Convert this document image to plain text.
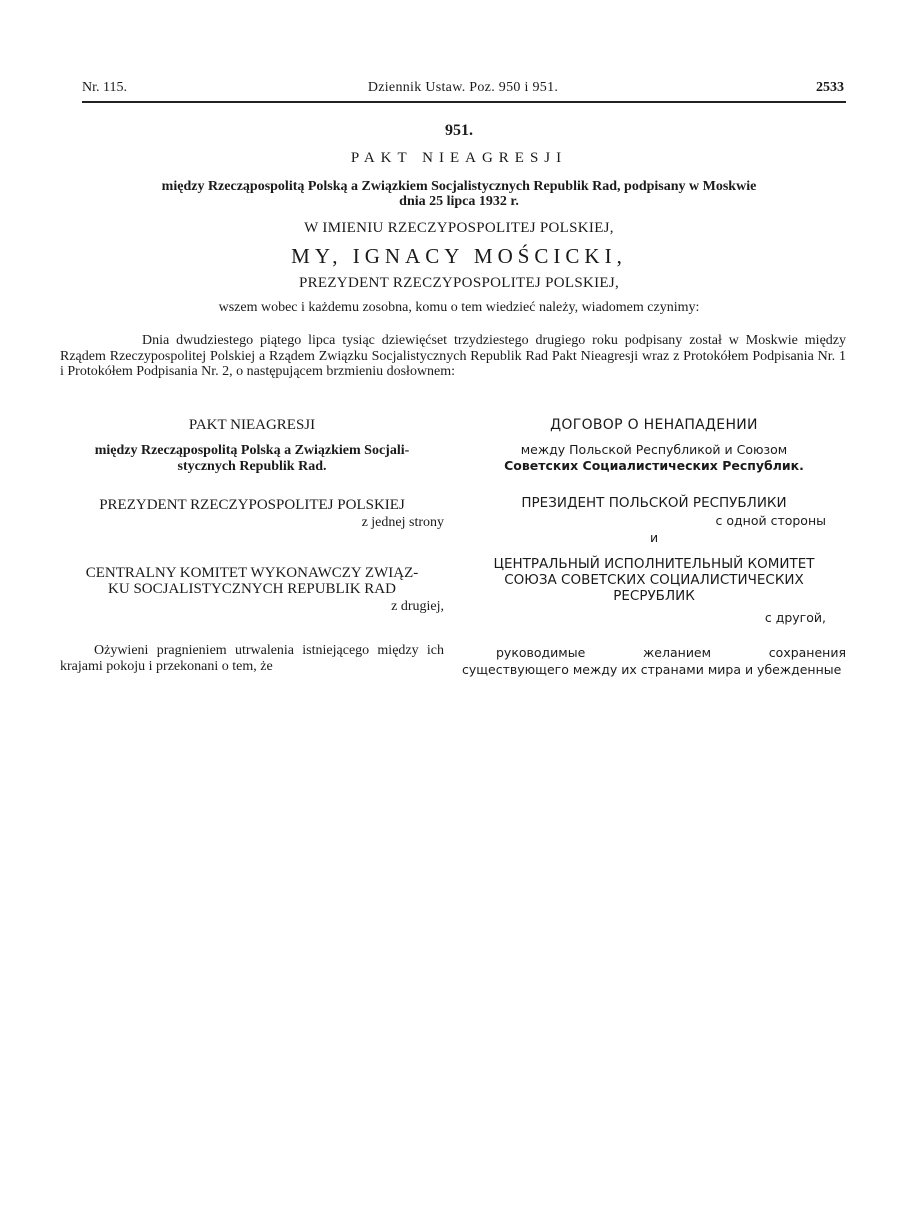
Nr. 115.	Dziennik Ustaw. Poz. 950 i 951.	2533
951.
PAKT NIEAGRESJI
między Rzecząpospolitą Polską a Związkiem Socjalistycznych Republik Rad, podpisany w Moskwie
dnia 25 lipca 1932 r.
W IMIENIU RZECZYPOSPOLITEJ POLSKIEJ,
MY, IGNACY MOŚCICKI,
PREZYDENT RZECZYPOSPOLITEJ POLSKIEJ,
wszem wobec i każdemu zosobna, komu o tem wiedzieć należy, wiadomem czynimy:
Dnia dwudziestego piątego lipca tysiąc dziewięćset trzydziestego drugiego roku podpisany został w Moskwie między Rządem Rzeczypospolitej Polskiej a Rządem Związku Socjalistycznych Republik Rad Pakt Nieagresji wraz z Protokółem Podpisania Nr. 1 i Protokółem Podpisania Nr. 2, o następującem brzmieniu dosłownem:
PAKT NIEAGRESJI
między Rzecząpospolitą Polską a Związkiem Socjali-
stycznych Republik Rad.
PREZYDENT RZECZYPOSPOLITEJ POLSKIEJ
z jednej strony
CENTRALNY KOMITET WYKONAWCZY ZWIĄZ-
KU SOCJALISTYCZNYCH REPUBLIK RAD
z drugiej,
Ożywieni pragnieniem utrwalenia istniejącego między ich krajami pokoju i przekonani o tem, że
ДОГОВОР О НЕНАПАДЕНИИ
между Польской Республикой и Союзом
Советских Социалистических Республик.
ПРЕЗИДЕНТ ПОЛЬСКОЙ РЕСПУБЛИКИ
с одной стороны
и
ЦЕНТРАЛЬНЫЙ ИСПОЛНИТЕЛЬНЫЙ КОМИТЕТ
СОЮЗА СОВЕТСКИХ СОЦИАЛИСТИЧЕСКИХ
РЕСРУБЛИК
с другой,
руководимые желанием сохранения существующего между их странами мира и убежденные
